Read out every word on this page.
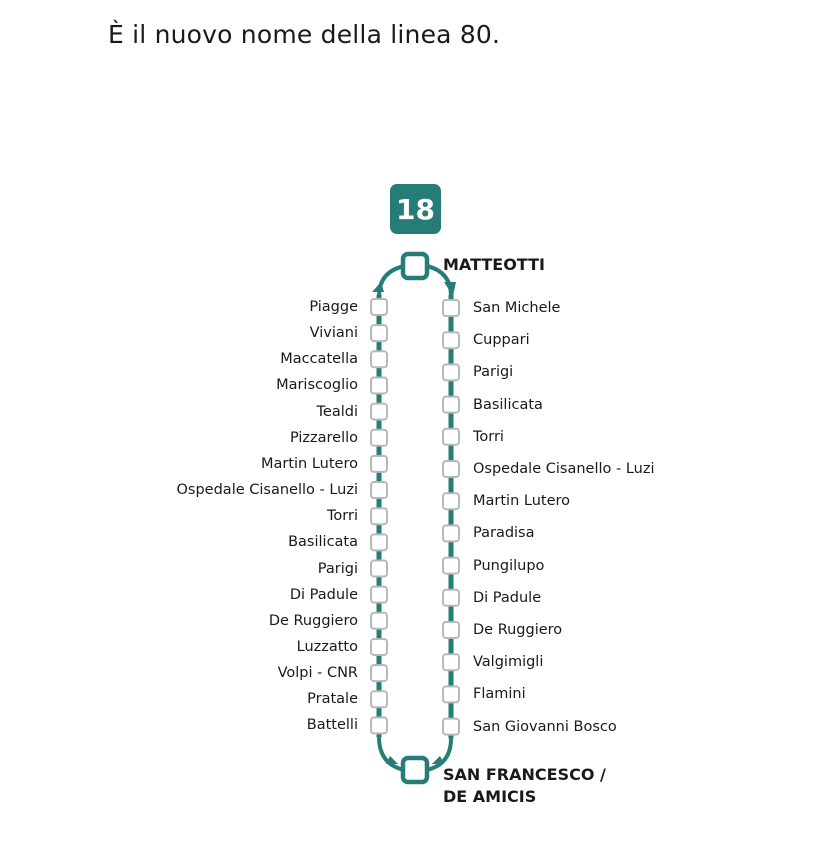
È il nuovo nome della linea 80.
18
Piagge
Viviani
Maccatella
Mariscoglio
Tealdi
Pizzarello
Martin Lutero
Ospedale Cisanello - Luzi
Torri
Basilicata
Parigi
Di Padule
De Ruggiero
Luzzatto
Volpi - CNR
Pratale
Battelli
San Michele
Cuppari
Parigi
Basilicata
Torri
Ospedale Cisanello - Luzi
Martin Lutero
Paradisa
Pungilupo
Di Padule
De Ruggiero
Valgimigli
Flamini
San Giovanni Bosco
MATTEOTTI
SAN FRANCESCO /
DE AMICIS
